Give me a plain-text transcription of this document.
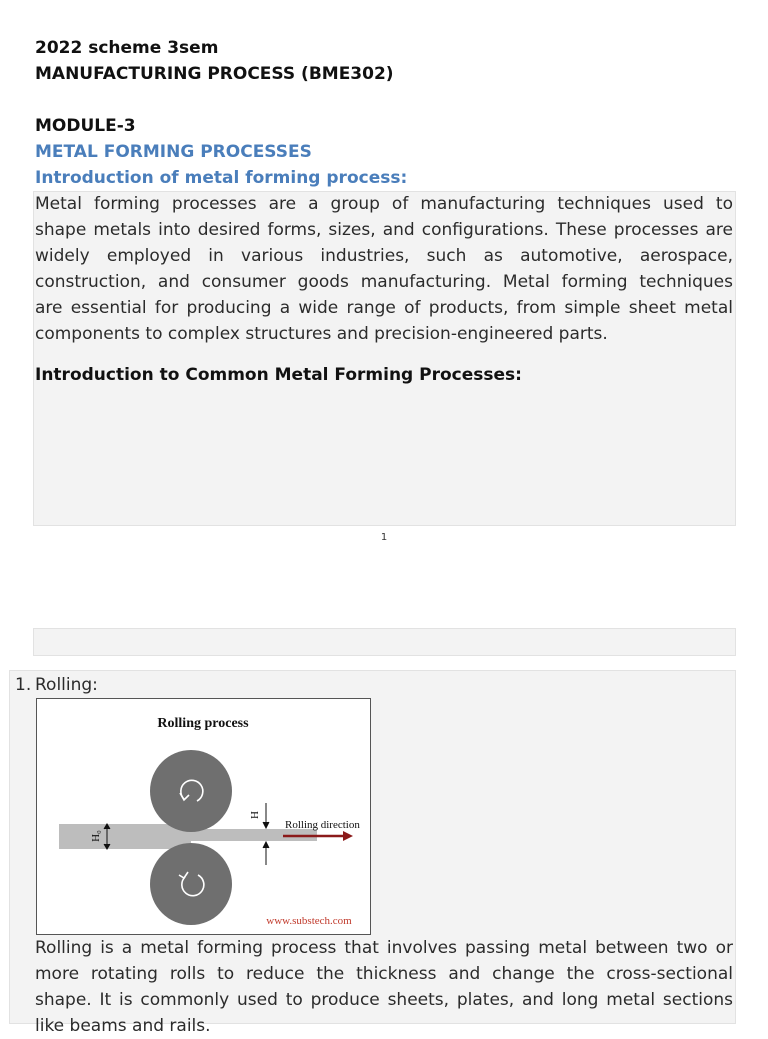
2022 scheme 3sem
MANUFACTURING PROCESS (BME302)
MODULE-3
METAL FORMING PROCESSES
Introduction of metal forming process:
Metal forming processes are a group of manufacturing techniques used to
shape metals into desired forms, sizes, and configurations. These processes are
widely employed in various industries, such as automotive, aerospace,
construction, and consumer goods manufacturing. Metal forming techniques
are essential for producing a wide range of products, from simple sheet metal
components to complex structures and precision-engineered parts.
Introduction to Common Metal Forming Processes:
1
1. Rolling:
Rolling process
H₀
H
Rolling direction
www.substech.com
Rolling is a metal forming process that involves passing metal between two or
more rotating rolls to reduce the thickness and change the cross-sectional
shape. It is commonly used to produce sheets, plates, and long metal sections
like beams and rails.
